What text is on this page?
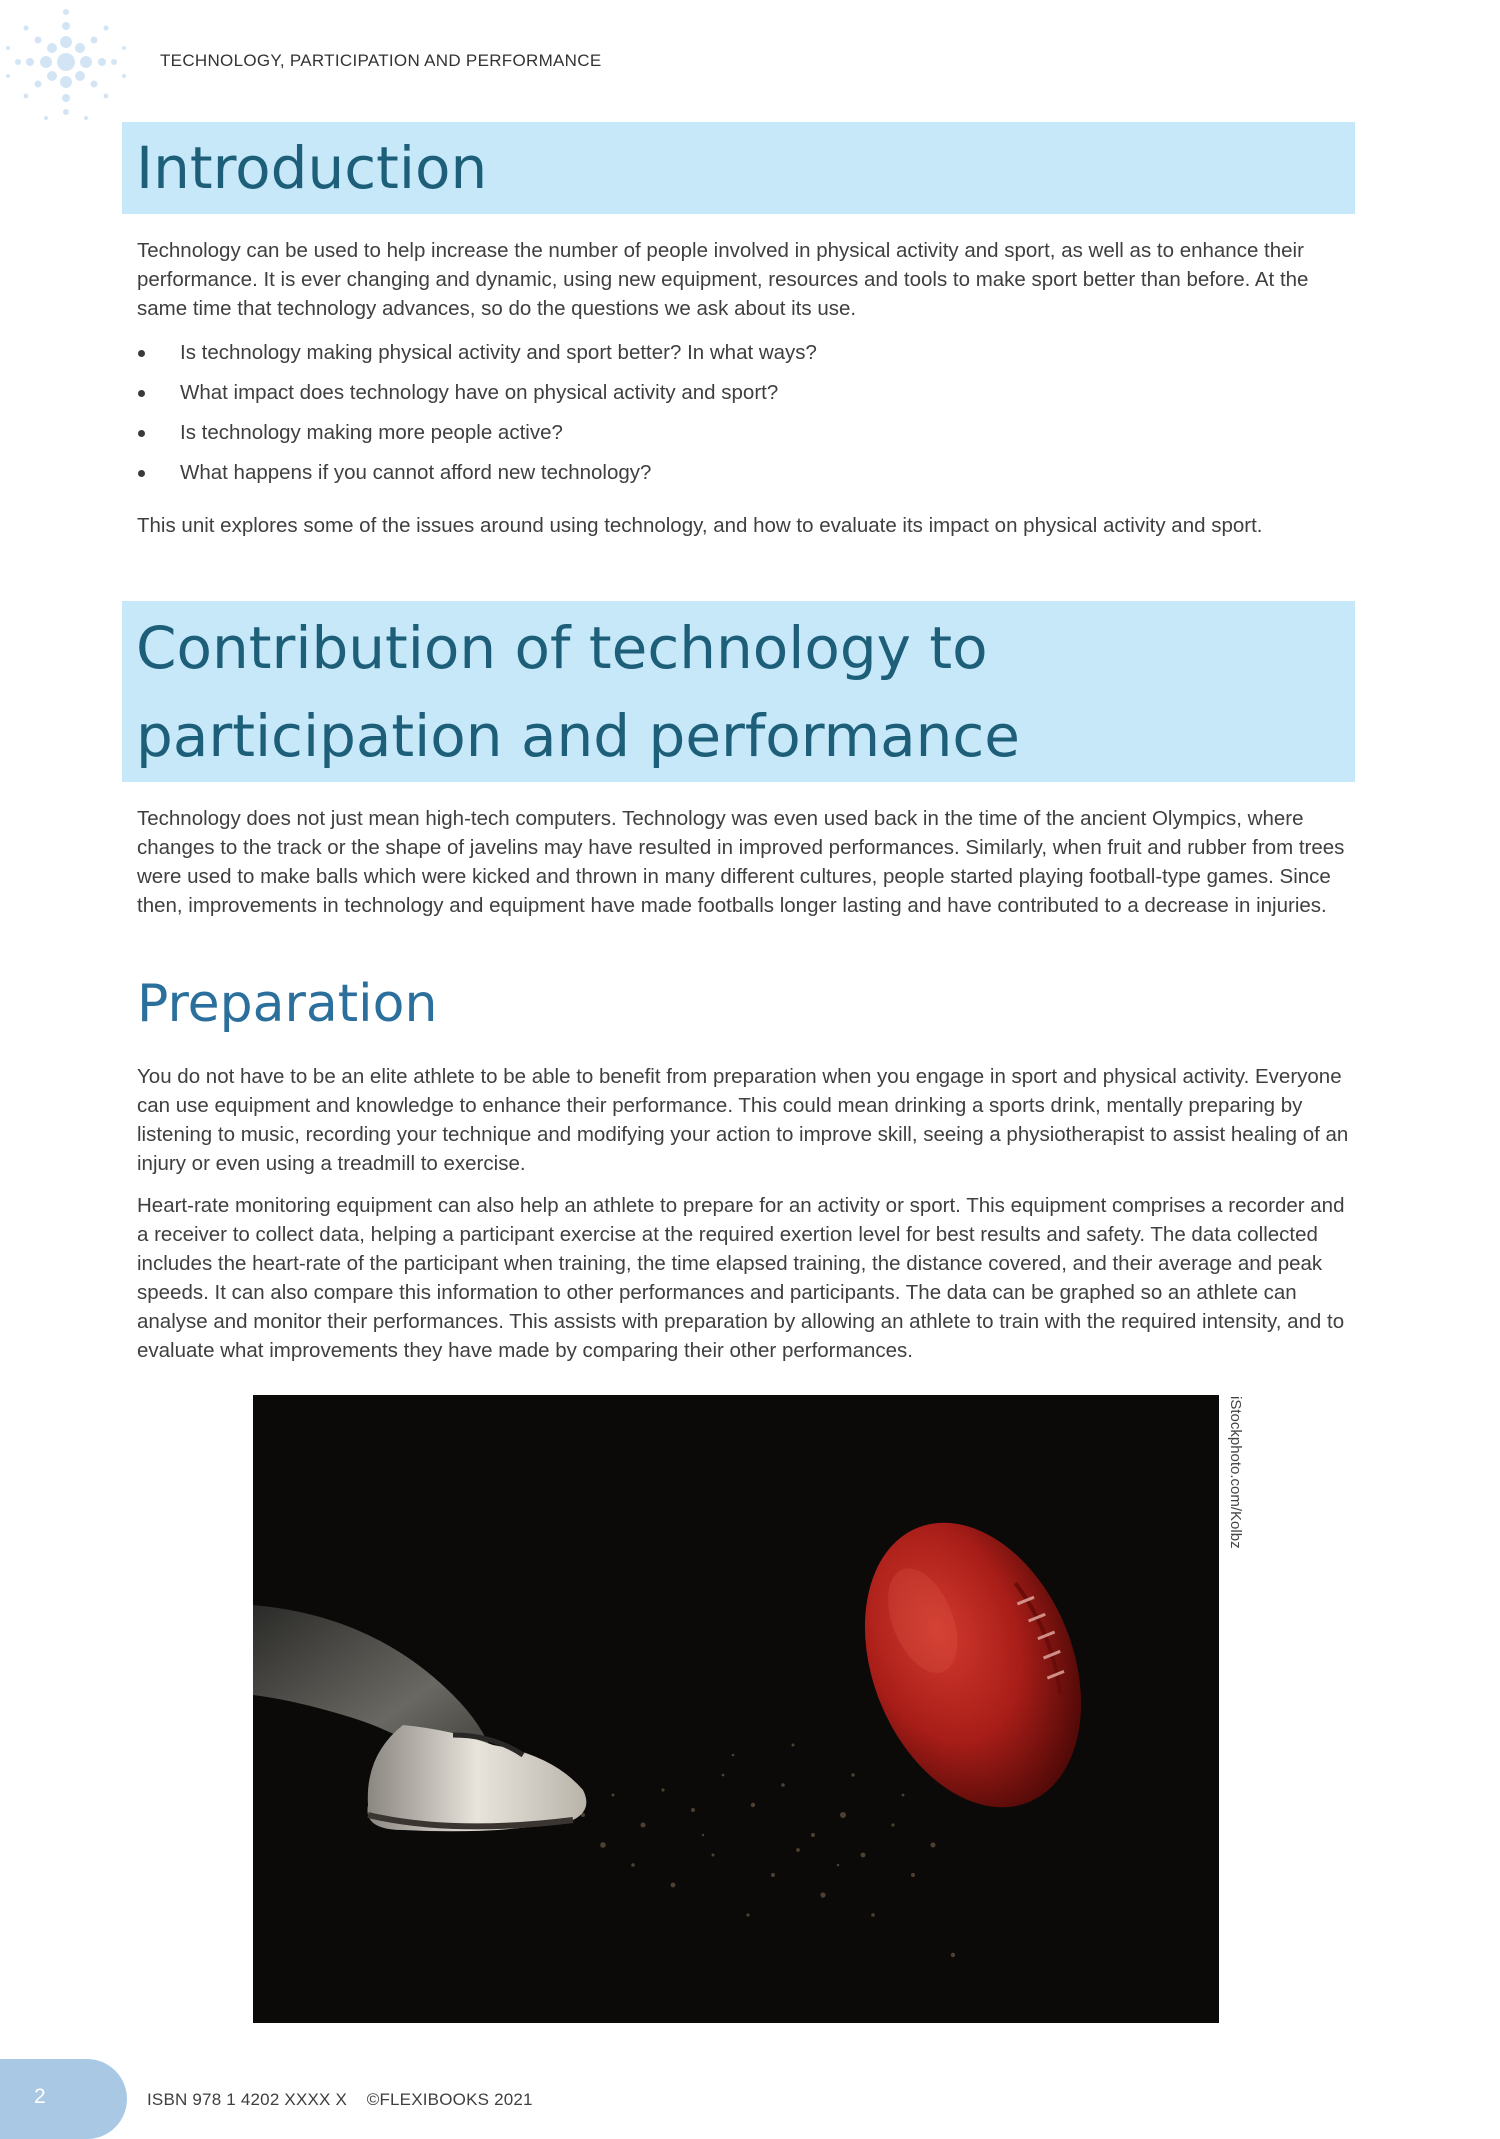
TECHNOLOGY, PARTICIPATION AND PERFORMANCE
Introduction

Technology can be used to help increase the number of people involved in physical activity and sport, as well as to enhance their performance. It is ever changing and dynamic, using new equipment, resources and tools to make sport better than before. At the same time that technology advances, so do the questions we ask about its use.

Is technology making physical activity and sport better? In what ways?
What impact does technology have on physical activity and sport?
Is technology making more people active?
What happens if you cannot afford new technology?

This unit explores some of the issues around using technology, and how to evaluate its impact on physical activity and sport.

Contribution of technology to
participation and performance

Technology does not just mean high-tech computers. Technology was even used back in the time of the ancient Olympics, where changes to the track or the shape of javelins may have resulted in improved performances. Similarly, when fruit and rubber from trees were used to make balls which were kicked and thrown in many different cultures, people started playing football-type games. Since then, improvements in technology and equipment have made footballs longer lasting and have contributed to a decrease in injuries.

Preparation

You do not have to be an elite athlete to be able to benefit from preparation when you engage in sport and physical activity. Everyone can use equipment and knowledge to enhance their performance. This could mean drinking a sports drink, mentally preparing by listening to music, recording your technique and modifying your action to improve skill, seeing a physiotherapist to assist healing of an injury or even using a treadmill to exercise.

Heart-rate monitoring equipment can also help an athlete to prepare for an activity or sport. This equipment comprises a recorder and a receiver to collect data, helping a participant exercise at the required exertion level for best results and safety. The data collected includes the heart-rate of the participant when training, the time elapsed training, the distance covered, and their average and peak speeds. It can also compare this information to other performances and participants. The data can be graphed so an athlete can analyse and monitor their performances. This assists with preparation by allowing an athlete to train with the required intensity, and to evaluate what improvements they have made by comparing their other performances.

iStockphoto.com/Kolbz
2	ISBN 978 1 4202 XXXX X    ©FLEXIBOOKS 2021
